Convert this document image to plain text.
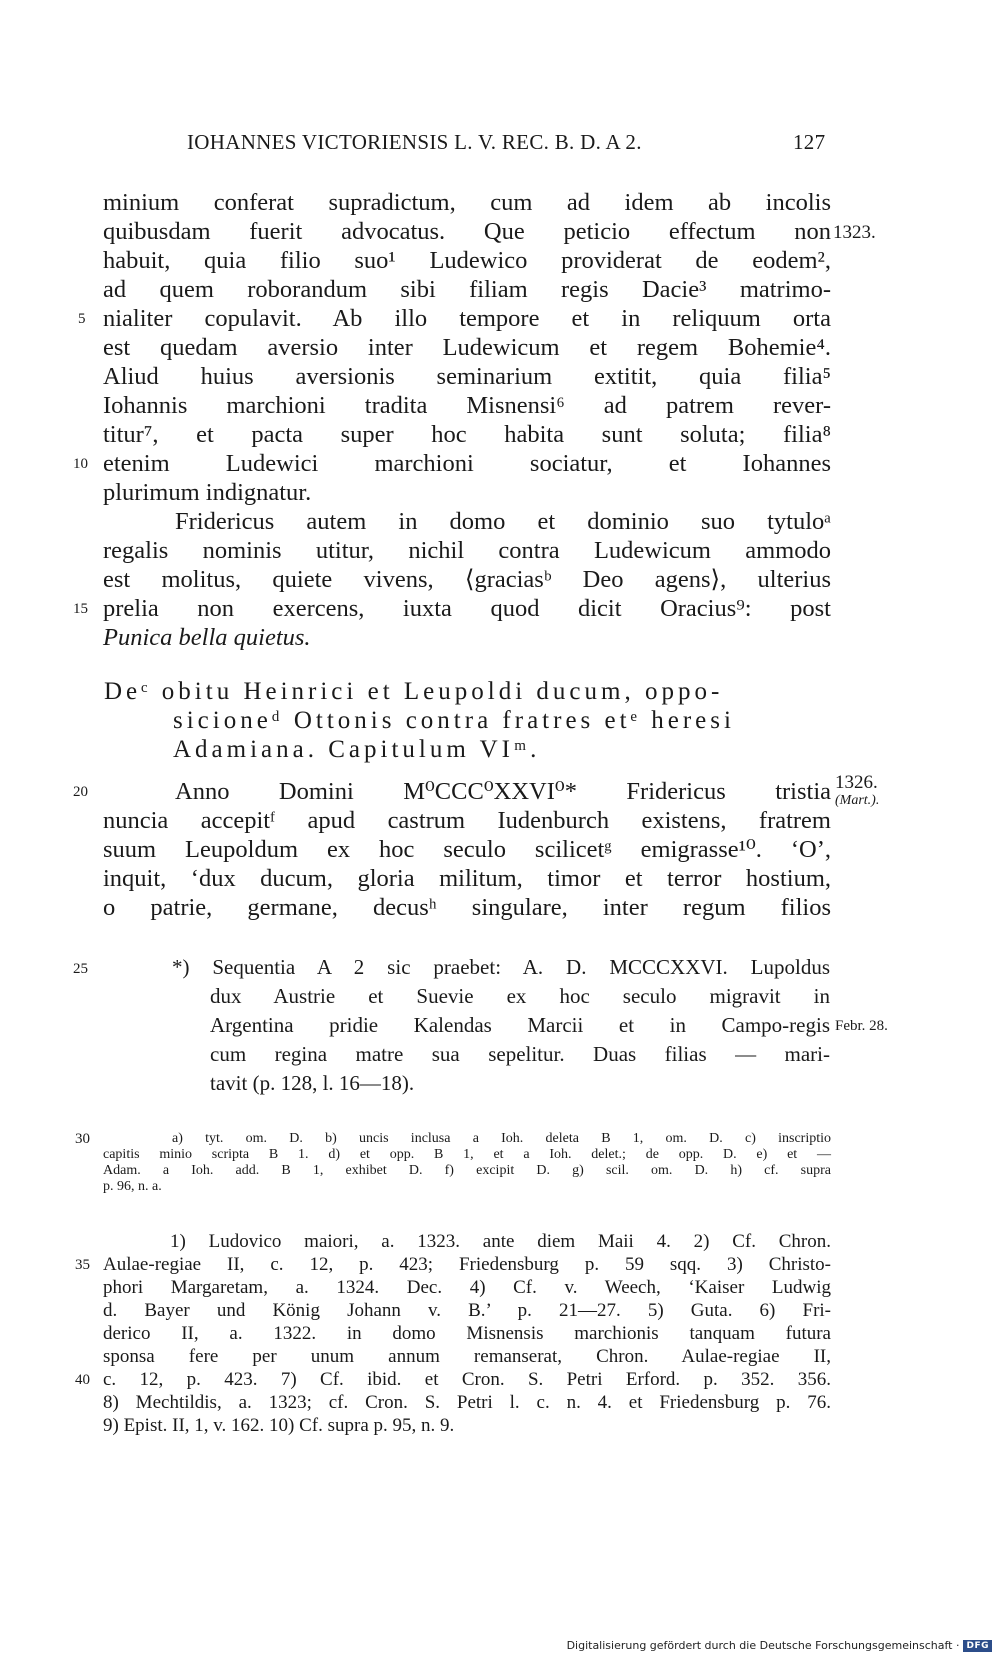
IOHANNES VICTORIENSIS L. V. REC. B. D. A 2.	127
minium conferat supradictum, cum ad idem ab incolis
quibusdam fuerit advocatus. Que peticio effectum non
habuit, quia filio suo¹ Ludewico providerat de eodem²,
ad quem roborandum sibi filiam regis Dacie³ matrimo-
nialiter copulavit. Ab illo tempore et in reliquum orta
est quedam aversio inter Ludewicum et regem Bohemie⁴.
Aliud huius aversionis seminarium extitit, quia filia⁵
Iohannis marchioni tradita Misnensi⁶ ad patrem rever-
titur⁷, et pacta super hoc habita sunt soluta; filia⁸
etenim Ludewici marchioni sociatur, et Iohannes
plurimum indignatur.
Fridericus autem in domo et dominio suo tytuloᵃ
regalis nominis utitur, nichil contra Ludewicum ammodo
est molitus, quiete vivens, ⟨graciasᵇ Deo agens⟩, ulterius
prelia non exercens, iuxta quod dicit Oracius⁹: post
Punica bella quietus.
5
10
15
1323.
Deᶜ obitu Heinrici et Leupoldi ducum, oppo-
sicioneᵈ Ottonis contra fratres etᵉ heresi
Adamiana. Capitulum VIᵐ.
Anno Domini M⁰CCC⁰XXVI⁰* Fridericus tristia
nuncia accepitᶠ apud castrum Iudenburch existens, fratrem
suum Leupoldum ex hoc seculo scilicetᵍ emigrasse¹⁰. ‘O’,
inquit, ‘dux ducum, gloria militum, timor et terror hostium,
o patrie, germane, decusʰ singulare, inter regum filios
20	1326.
(Mart.).
*) Sequentia A 2 sic praebet: A. D. MCCCXXVI. Lupoldus
dux Austrie et Suevie ex hoc seculo migravit in
Argentina pridie Kalendas Marcii et in Campo-regis
cum regina matre sua sepelitur. Duas filias — mari-
tavit (p. 128, l. 16—18).
25
Febr. 28.
a) tyt. om. D. b) uncis inclusa a Ioh. deleta B 1, om. D. c) inscriptio
capitis minio scripta B 1. d) et opp. B 1, et a Ioh. delet.; de opp. D. e) et —
Adam. a Ioh. add. B 1, exhibet D. f) excipit D. g) scil. om. D. h) cf. supra
p. 96, n. a.
30
1) Ludovico maiori, a. 1323. ante diem Maii 4. 2) Cf. Chron.
Aulae-regiae II, c. 12, p. 423; Friedensburg p. 59 sqq. 3) Christo-
phori Margaretam, a. 1324. Dec. 4) Cf. v. Weech, ‘Kaiser Ludwig
d. Bayer und König Johann v. B.’ p. 21—27. 5) Guta. 6) Fri-
derico II, a. 1322. in domo Misnensis marchionis tanquam futura
sponsa fere per unum annum remanserat, Chron. Aulae-regiae II,
c. 12, p. 423. 7) Cf. ibid. et Cron. S. Petri Erford. p. 352. 356.
8) Mechtildis, a. 1323; cf. Cron. S. Petri l. c. n. 4. et Friedensburg p. 76.
9) Epist. II, 1, v. 162. 10) Cf. supra p. 95, n. 9.
35
40
Digitalisierung gefördert durch die Deutsche Forschungsgemeinschaft · DFG
